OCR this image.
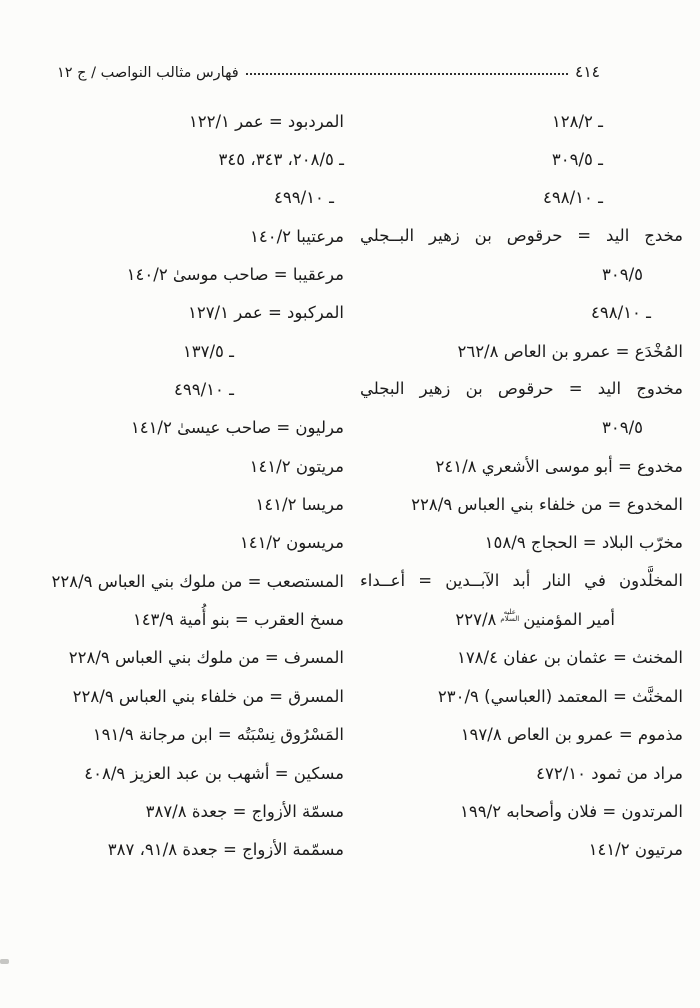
٤١٤
فهارس مثالب النواصب / ج ١٢
ـ ١٢٨/٢
ـ ٣٠٩/٥
ـ ٤٩٨/١٠
مخدج اليد = حرقوص بن زهير البــجلي
٣٠٩/٥
ـ ٤٩٨/١٠
المُخْدَع = عمرو بن العاص ٢٦٢/٨
مخدوج اليد = حرقوص بن زهير البجلي
٣٠٩/٥
مخدوع = أبو موسى الأشعري ٢٤١/٨
المخدوع = من خلفاء بني العباس ٢٢٨/٩
مخرّب البلاد = الحجاج ١٥٨/٩
المخلَّدون في النار أبد الآبــدين = أعــداء
أمير المؤمنين
عليه
السلام
٢٢٧/٨
المخنث = عثمان بن عفان ١٧٨/٤
المخنَّث = المعتمد (العباسي) ٢٣٠/٩
مذموم = عمرو بن العاص ١٩٧/٨
مراد من ثمود ٤٧٢/١٠
المرتدون = فلان وأصحابه ١٩٩/٢
مرتيون ١٤١/٢
المردبود = عمر ١٢٢/١
ـ ٢٠٨/٥، ٣٤٣، ٣٤٥
ـ ٤٩٩/١٠
مرعتيبا ١٤٠/٢
مرعقيبا = صاحب موسىٰ ١٤٠/٢
المركبود = عمر ١٢٧/١
ـ ١٣٧/٥
ـ ٤٩٩/١٠
مرليون = صاحب عيسىٰ ١٤١/٢
مريتون ١٤١/٢
مريسا ١٤١/٢
مريسون ١٤١/٢
المستصعب = من ملوك بني العباس ٢٢٨/٩
مسخ العقرب = بنو أُمية ١٤٣/٩
المسرف = من ملوك بني العباس ٢٢٨/٩
المسرق = من خلفاء بني العباس ٢٢٨/٩
المَسْرُوق نِسْبَتُه = ابن مرجانة ١٩١/٩
مسكين = أشهب بن عبد العزيز ٤٠٨/٩
مسمّة الأزواج = جعدة ٣٨٧/٨
مسمّمة الأزواج = جعدة ٩١/٨، ٣٨٧
